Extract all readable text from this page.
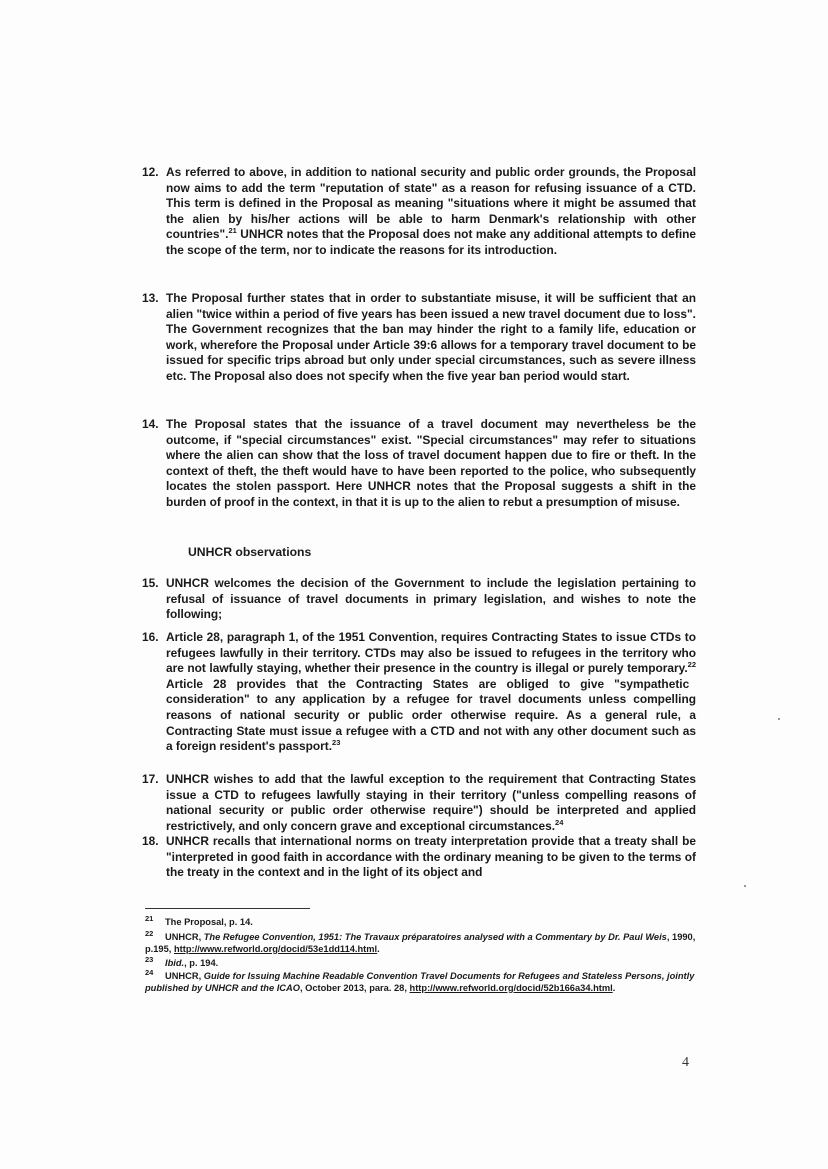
12. As referred to above, in addition to national security and public order grounds, the Proposal now aims to add the term "reputation of state" as a reason for refusing issuance of a CTD. This term is defined in the Proposal as meaning "situations where it might be assumed that the alien by his/her actions will be able to harm Denmark's relationship with other countries".$^{21}$ UNHCR notes that the Proposal does not make any additional attempts to define the scope of the term, nor to indicate the reasons for its introduction.
13. The Proposal further states that in order to substantiate misuse, it will be sufficient that an alien "twice within a period of five years has been issued a new travel document due to loss". The Government recognizes that the ban may hinder the right to a family life, education or work, wherefore the Proposal under Article 39:6 allows for a temporary travel document to be issued for specific trips abroad but only under special circumstances, such as severe illness etc. The Proposal also does not specify when the five year ban period would start.
14. The Proposal states that the issuance of a travel document may nevertheless be the outcome, if "special circumstances" exist. "Special circumstances" may refer to situations where the alien can show that the loss of travel document happen due to fire or theft. In the context of theft, the theft would have to have been reported to the police, who subsequently locates the stolen passport. Here UNHCR notes that the Proposal suggests a shift in the burden of proof in the context, in that it is up to the alien to rebut a presumption of misuse.
UNHCR observations
15. UNHCR welcomes the decision of the Government to include the legislation pertaining to refusal of issuance of travel documents in primary legislation, and wishes to note the following;
16. Article 28, paragraph 1, of the 1951 Convention, requires Contracting States to issue CTDs to refugees lawfully in their territory. CTDs may also be issued to refugees in the territory who are not lawfully staying, whether their presence in the country is illegal or purely temporary.$^{22}$ Article 28 provides that the Contracting States are obliged to give "sympathetic consideration" to any application by a refugee for travel documents unless compelling reasons of national security or public order otherwise require. As a general rule, a Contracting State must issue a refugee with a CTD and not with any other document such as a foreign resident's passport.$^{23}$
17. UNHCR wishes to add that the lawful exception to the requirement that Contracting States issue a CTD to refugees lawfully staying in their territory ("unless compelling reasons of national security or public order otherwise require") should be interpreted and applied restrictively, and only concern grave and exceptional circumstances.$^{24}$
18. UNHCR recalls that international norms on treaty interpretation provide that a treaty shall be "interpreted in good faith in accordance with the ordinary meaning to be given to the terms of the treaty in the context and in the light of its object and
$^{21}$ The Proposal, p. 14.
$^{22}$ UNHCR, The Refugee Convention, 1951: The Travaux préparatoires analysed with a Commentary by Dr. Paul Weis, 1990, p.195, http://www.refworld.org/docid/53e1dd114.html.
$^{23}$ Ibid., p. 194.
$^{24}$ UNHCR, Guide for Issuing Machine Readable Convention Travel Documents for Refugees and Stateless Persons, jointly published by UNHCR and the ICAO, October 2013, para. 28, http://www.refworld.org/docid/52b166a34.html.
4
